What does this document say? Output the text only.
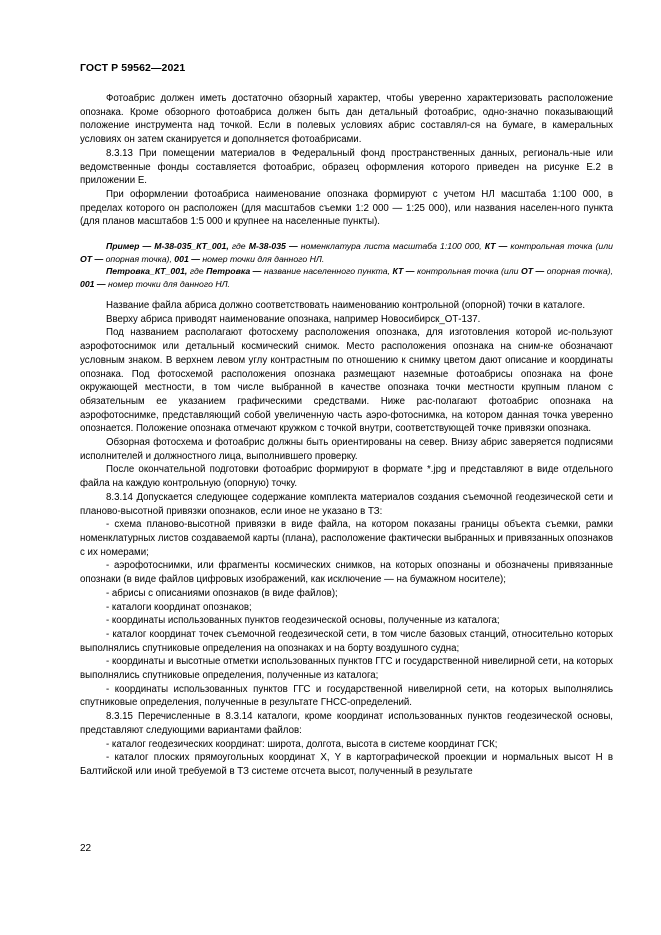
ГОСТ Р 59562—2021

Фотоабрис должен иметь достаточно обзорный характер, чтобы уверенно характеризовать расположение опознака. Кроме обзорного фотоабриса должен быть дан детальный фотоабрис, одно-значно показывающий положение инструмента над точкой. Если в полевых условиях абрис составлял-ся на бумаге, в камеральных условиях он затем сканируется и дополняется фотоабрисами.

8.3.13 При помещении материалов в Федеральный фонд пространственных данных, региональ-ные или ведомственные фонды составляется фотоабрис, образец оформления которого приведен на рисунке Е.2 в приложении Е.

При оформлении фотоабриса наименование опознака формируют с учетом НЛ масштаба 1:100 000, в пределах которого он расположен (для масштабов съемки 1:2 000 — 1:25 000), или названия населен-ного пункта (для планов масштабов 1:5 000 и крупнее на населенные пункты).

Пример — М-38-035_КТ_001, где М-38-035 — номенклатура листа масштаба 1:100 000, КТ — контрольная точка (или ОТ — опорная точка), 001 — номер точки для данного НЛ.

Петровка_КТ_001, где Петровка — название населенного пункта, КТ — контрольная точка (или ОТ — опорная точка), 001 — номер точки для данного НЛ.

Название файла абриса должно соответствовать наименованию контрольной (опорной) точки в каталоге.

Вверху абриса приводят наименование опознака, например Новосибирск_ОТ-137.

Под названием располагают фотосхему расположения опознака, для изготовления которой ис-пользуют аэрофотоснимок или детальный космический снимок. Место расположения опознака на сним-ке обозначают условным знаком. В верхнем левом углу контрастным по отношению к снимку цветом дают описание и координаты опознака. Под фотосхемой расположения опознака размещают наземные фотоабрисы опознака на фоне окружающей местности, в том числе выбранной в качестве опознака точки местности крупным планом с обязательным ее указанием графическими средствами. Ниже рас-полагают фотоабрис опознака на аэрофотоснимке, представляющий собой увеличенную часть аэро-фотоснимка, на котором данная точка уверенно опознается. Положение опознака отмечают кружком с точкой внутри, соответствующей точке привязки опознака.

Обзорная фотосхема и фотоабрис должны быть ориентированы на север. Внизу абрис заверяется подписями исполнителей и должностного лица, выполнившего проверку.

После окончательной подготовки фотоабрис формируют в формате *.jpg и представляют в виде отдельного файла на каждую контрольную (опорную) точку.

8.3.14 Допускается следующее содержание комплекта материалов создания съемочной геодезической сети и планово-высотной привязки опознаков, если иное не указано в ТЗ:

- схема планово-высотной привязки в виде файла, на котором показаны границы объекта съемки, рамки номенклатурных листов создаваемой карты (плана), расположение фактически выбранных и привязанных опознаков с их номерами;

- аэрофотоснимки, или фрагменты космических снимков, на которых опознаны и обозначены привязанные опознаки (в виде файлов цифровых изображений, как исключение — на бумажном носителе);

- абрисы с описаниями опознаков (в виде файлов);

- каталоги координат опознаков;

- координаты использованных пунктов геодезической основы, полученные из каталога;

- каталог координат точек съемочной геодезической сети, в том числе базовых станций, относительно которых выполнялись спутниковые определения на опознаках и на борту воздушного судна;

- координаты и высотные отметки использованных пунктов ГГС и государственной нивелирной сети, на которых выполнялись спутниковые определения, полученные из каталога;

- координаты использованных пунктов ГГС и государственной нивелирной сети, на которых выполнялись спутниковые определения, полученные в результате ГНСС-определений.

8.3.15 Перечисленные в 8.3.14 каталоги, кроме координат использованных пунктов геодезической основы, представляют следующими вариантами файлов:

- каталог геодезических координат: широта, долгота, высота в системе координат ГСК;

- каталог плоских прямоугольных координат X, Y в картографической проекции и нормальных высот H в Балтийской или иной требуемой в ТЗ системе отсчета высот, полученный в результате

22
